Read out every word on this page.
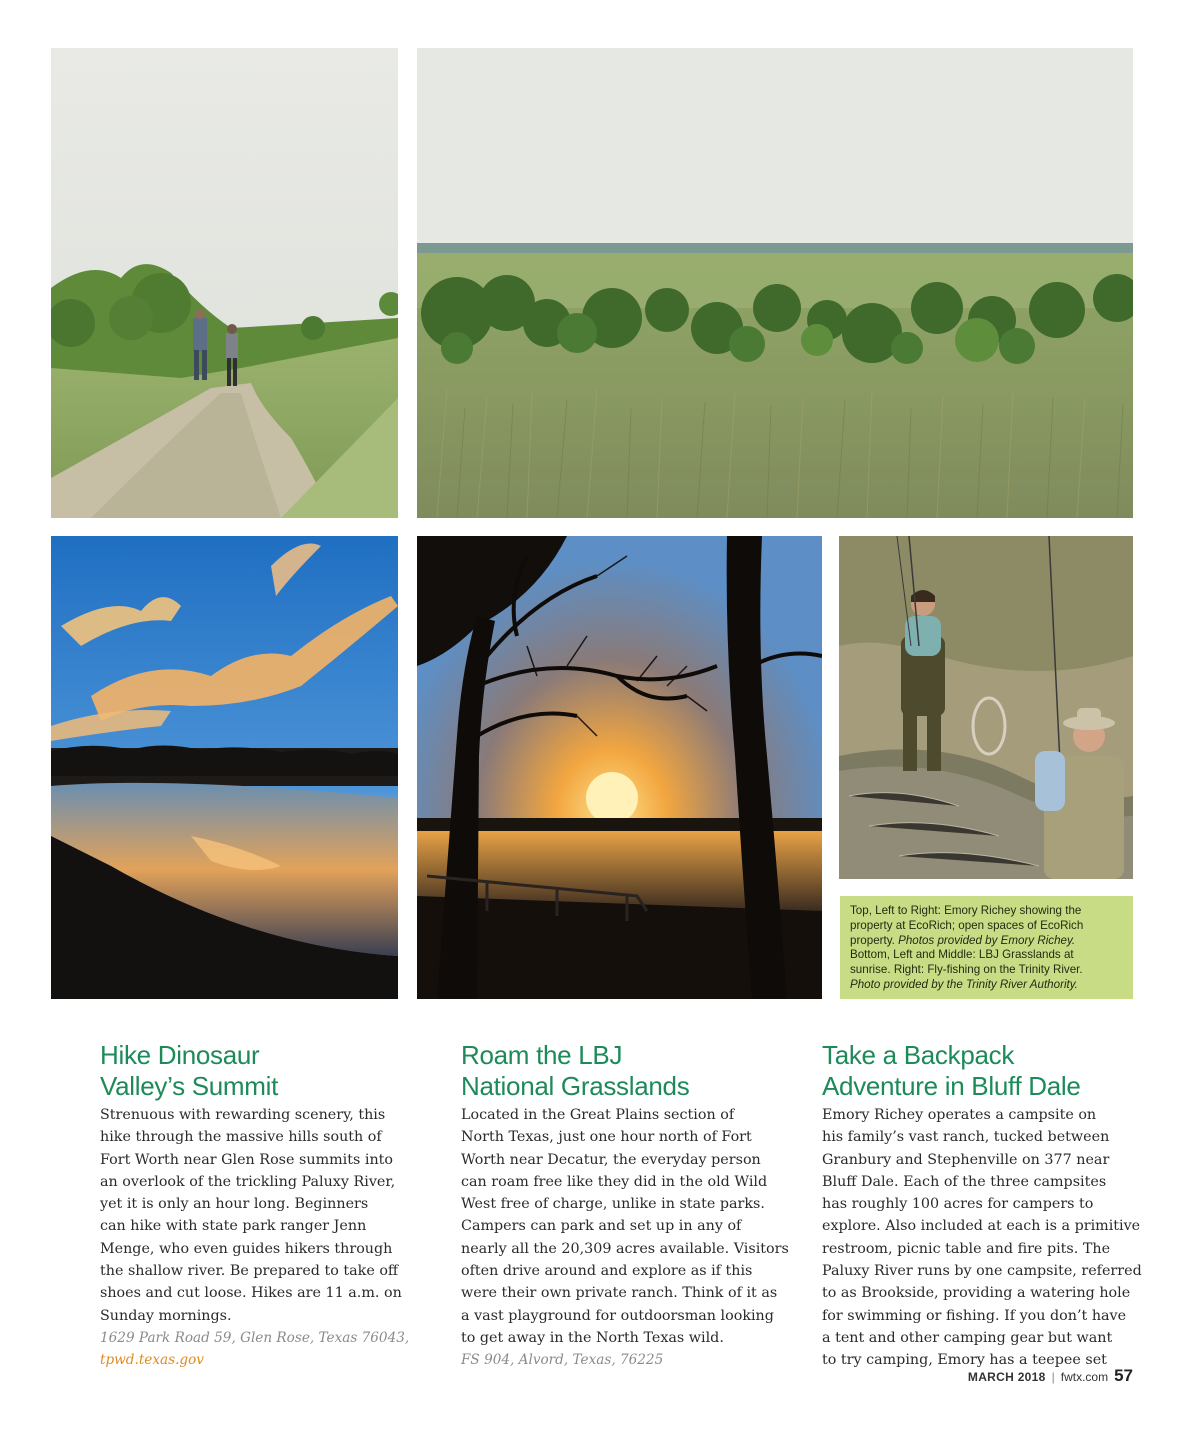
Top, Left to Right: Emory Richey showing the
property at EcoRich; open spaces of EcoRich
property. Photos provided by Emory Richey.
Bottom, Left and Middle: LBJ Grasslands at
sunrise. Right: Fly-fishing on the Trinity River.
Photo provided by the Trinity River Authority.
Hike Dinosaur
Valley’s Summit

Strenuous with rewarding scenery, this
hike through the massive hills south of
Fort Worth near Glen Rose summits into
an overlook of the trickling Paluxy River,
yet it is only an hour long. Beginners
can hike with state park ranger Jenn
Menge, who even guides hikers through
the shallow river. Be prepared to take off
shoes and cut loose. Hikes are 11 a.m. on
Sunday mornings.

1629 Park Road 59, Glen Rose, Texas 76043,

tpwd.texas.gov
Roam the LBJ
National Grasslands

Located in the Great Plains section of
North Texas, just one hour north of Fort
Worth near Decatur, the everyday person
can roam free like they did in the old Wild
West free of charge, unlike in state parks.
Campers can park and set up in any of
nearly all the 20,309 acres available. Visitors
often drive around and explore as if this
were their own private ranch. Think of it as
a vast playground for outdoorsman looking
to get away in the North Texas wild.

FS 904, Alvord, Texas, 76225

Take a Backpack
Adventure in Bluff Dale

Emory Richey operates a campsite on
his family’s vast ranch, tucked between
Granbury and Stephenville on 377 near
Bluff Dale. Each of the three campsites
has roughly 100 acres for campers to
explore. Also included at each is a primitive
restroom, picnic table and fire pits. The
Paluxy River runs by one campsite, referred
to as Brookside, providing a watering hole
for swimming or fishing. If you don’t have
a tent and other camping gear but want
to try camping, Emory has a teepee set

MARCH 2018 | fwtx.com 57
